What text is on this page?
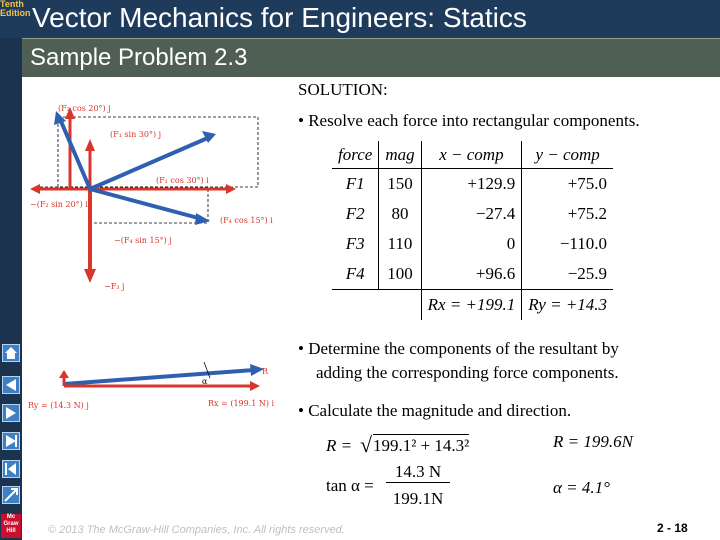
Tenth
Edition Vector Mechanics for Engineers: Statics
Sample Problem 2.3
Mc Graw Hill
(F₂ cos 20°) j
(F₁ sin 30°) j
(F₁ cos 30°) i
−(F₂ sin 20°) i
(F₄ cos 15°) i
−(F₄ sin 15°) j
−F₃ j
R
α
Ry = (14.3 N) j	Rx = (199.1 N) i
SOLUTION:
• Resolve each force into rectangular components.
force	mag	x − comp	y − comp
F1	150	+129.9	+75.0
F2	80	−27.4	+75.2
F3	110	0	−110.0
F4	100	+96.6	−25.9
		Rx = +199.1	Ry = +14.3
• Determine the components of the resultant by
adding the corresponding force components.
• Calculate the magnitude and direction.
R = √ 199.1² + 14.3²	R = 199.6N
tan α =
14.3 N
199.1N
α = 4.1°
© 2013 The McGraw-Hill Companies, Inc. All rights reserved.	2 - 18
